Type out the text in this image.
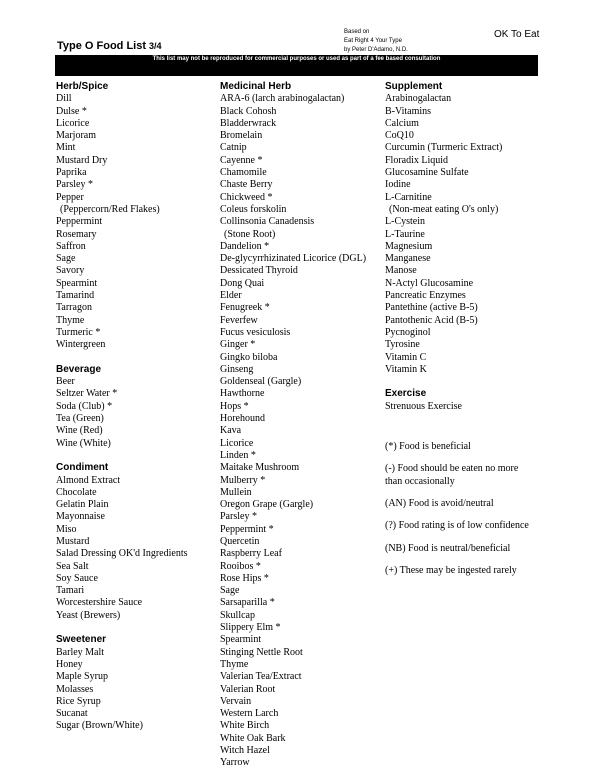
Type O Food List 3/4
Based on
Eat Right 4 Your Type
by Peter D'Adamo, N.D.
OK To Eat
This list may not be reproduced for commercial purposes or used as part of a fee based consultation
Herb/Spice
Dill
Dulse *
Licorice
Marjoram
Mint
Mustard Dry
Paprika
Parsley *
Pepper
(Peppercorn/Red Flakes)
Peppermint
Rosemary
Saffron
Sage
Savory
Spearmint
Tamarind
Tarragon
Thyme
Turmeric *
Wintergreen
Beverage
Beer
Seltzer Water *
Soda (Club) *
Tea (Green)
Wine (Red)
Wine (White)
Condiment
Almond Extract
Chocolate
Gelatin Plain
Mayonnaise
Miso
Mustard
Salad Dressing OK'd Ingredients
Sea Salt
Soy Sauce
Tamari
Worcestershire Sauce
Yeast (Brewers)
Sweetener
Barley Malt
Honey
Maple Syrup
Molasses
Rice Syrup
Sucanat
Sugar (Brown/White)
Medicinal Herb
ARA-6 (larch arabinogalactan)
Black Cohosh
Bladderwrack
Bromelain
Catnip
Cayenne *
Chamomile
Chaste Berry
Chickweed *
Coleus forskolin
Collinsonia Canadensis
(Stone Root)
Dandelion *
De-glycyrrhizinated Licorice (DGL)
Dessicated Thyroid
Dong Quai
Elder
Fenugreek *
Feverfew
Fucus vesiculosis
Ginger *
Gingko biloba
Ginseng
Goldenseal (Gargle)
Hawthorne
Hops *
Horehound
Kava
Licorice
Linden *
Maitake Mushroom
Mulberry *
Mullein
Oregon Grape (Gargle)
Parsley *
Peppermint *
Quercetin
Raspberry Leaf
Rooibos *
Rose Hips *
Sage
Sarsaparilla *
Skullcap
Slippery Elm *
Spearmint
Stinging Nettle Root
Thyme
Valerian Tea/Extract
Valerian Root
Vervain
Western Larch
White Birch
White Oak Bark
Witch Hazel
Yarrow
Supplement
Arabinogalactan
B-Vitamins
Calcium
CoQ10
Curcumin (Turmeric Extract)
Floradix Liquid
Glucosamine Sulfate
Iodine
L-Carnitine
(Non-meat eating O's only)
L-Cystein
L-Taurine
Magnesium
Manganese
Manose
N-Actyl Glucosamine
Pancreatic Enzymes
Pantethine (active B-5)
Pantothenic Acid (B-5)
Pycnoginol
Tyrosine
Vitamin C
Vitamin K
Exercise
Strenuous Exercise
(*) Food is beneficial
(-) Food should be eaten no more than occasionally
(AN) Food is avoid/neutral
(?) Food rating is of low confidence
(NB) Food is neutral/beneficial
(+) These may be ingested rarely
